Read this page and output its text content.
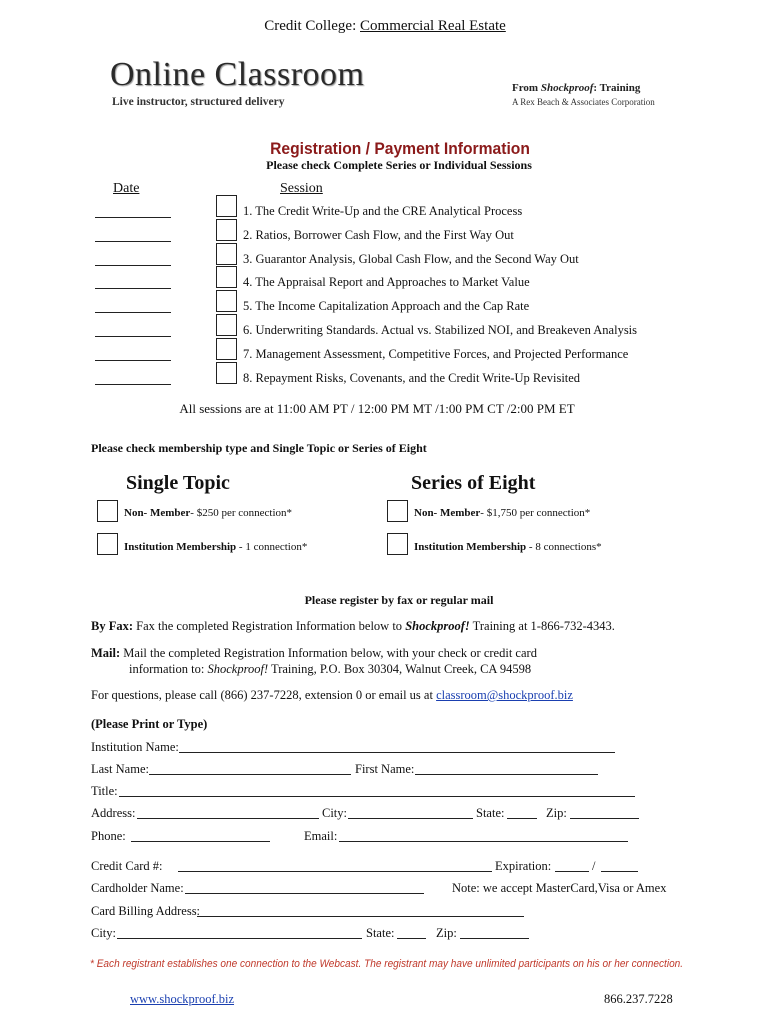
Credit College: Commercial Real Estate
Online Classroom
Live instructor, structured delivery
From Shockproof: Training
A Rex Beach & Associates Corporation
Registration / Payment Information
Please check Complete Series or Individual Sessions
Date	Session
1. The Credit Write-Up and the CRE Analytical Process
2. Ratios, Borrower Cash Flow, and the First Way Out
3. Guarantor Analysis, Global Cash Flow, and the Second Way Out
4. The Appraisal Report and Approaches to Market Value
5. The Income Capitalization Approach and the Cap Rate
6. Underwriting Standards. Actual vs. Stabilized NOI, and Breakeven Analysis
7. Management Assessment, Competitive Forces, and Projected Performance
8. Repayment Risks, Covenants, and the Credit Write-Up Revisited
All sessions are at 11:00 AM PT / 12:00 PM MT /1:00 PM CT /2:00 PM ET
Please check membership type and Single Topic or Series of Eight
Single Topic	Series of Eight
Non- Member- $250 per connection*	Non- Member- $1,750 per connection*
Institution Membership - 1 connection*	Institution Membership - 8 connections*
Please register by fax or regular mail
By Fax: Fax the completed Registration Information below to Shockproof! Training at 1-866-732-4343.
Mail: Mail the completed Registration Information below, with your check or credit card
information to: Shockproof! Training, P.O. Box 30304, Walnut Creek, CA 94598
For questions, please call (866) 237-7228, extension 0 or email us at classroom@shockproof.biz
(Please Print or Type)
Institution Name:
Last Name:	First Name:
Title:
Address:	City:	State:	Zip:
Phone:	Email:
Credit Card #:	Expiration:	/
Cardholder Name:	Note: we accept MasterCard,Visa or Amex
Card Billing Address:
City:	State:	Zip:
* Each registrant establishes one connection to the Webcast. The registrant may have unlimited participants on his or her connection.
www.shockproof.biz	866.237.7228
